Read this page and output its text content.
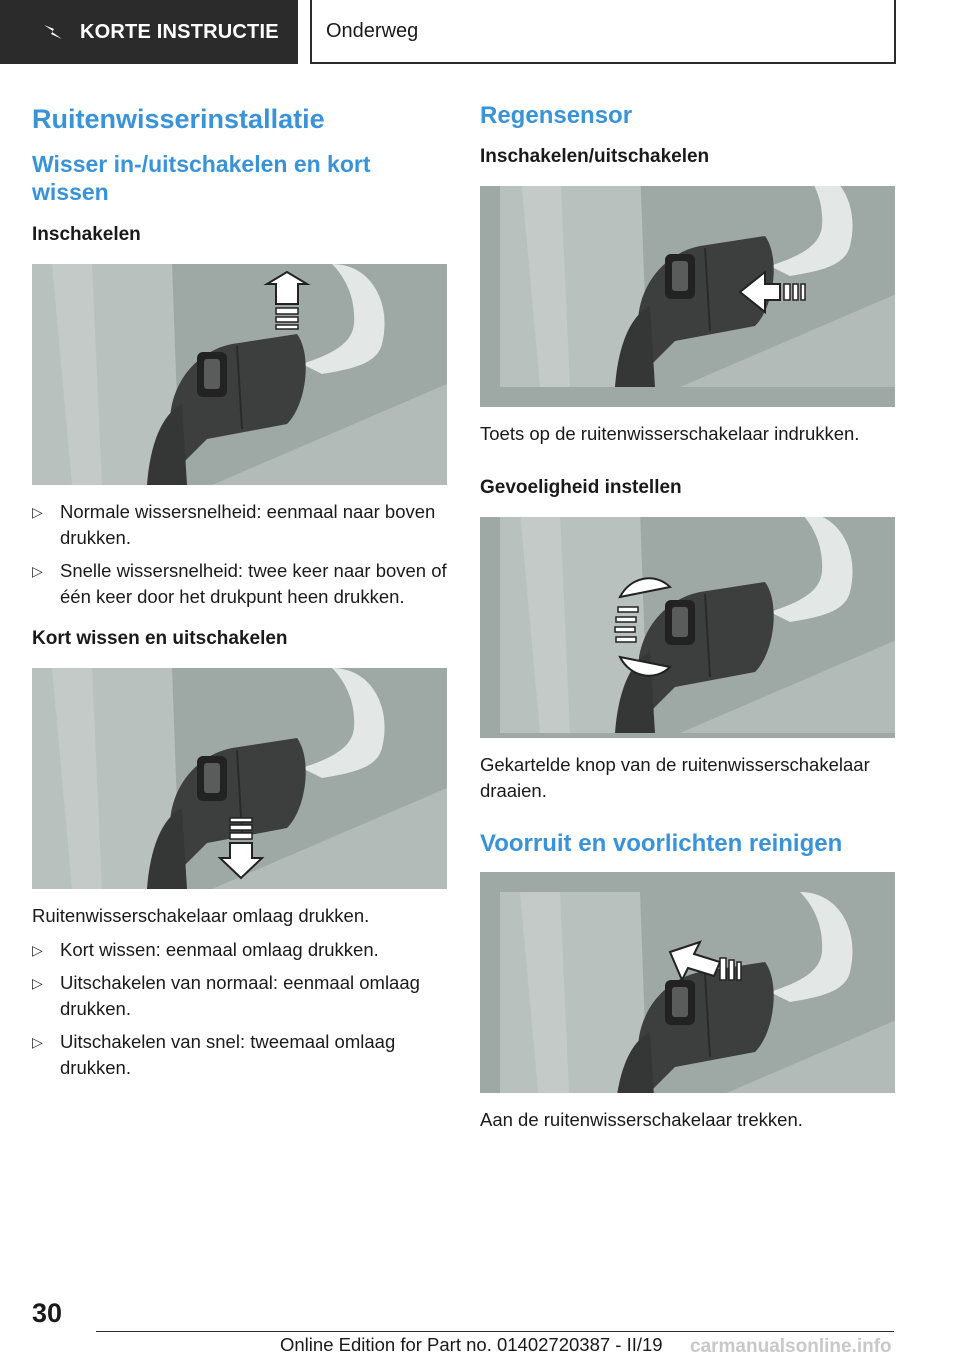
KORTE INSTRUCTIE Onderweg
Ruitenwisserinstallatie
Wisser in-/uitschakelen en kort wissen
Inschakelen
▷ Normale wissersnelheid: eenmaal naar boven drukken.
▷ Snelle wissersnelheid: twee keer naar boven of één keer door het drukpunt heen drukken.
Kort wissen en uitschakelen

Ruitenwisserschakelaar omlaag drukken.

▷ Kort wissen: eenmaal omlaag drukken.
▷ Uitschakelen van normaal: eenmaal omlaag drukken.
▷ Uitschakelen van snel: tweemaal omlaag drukken.
Regensensor
Inschakelen/uitschakelen

Toets op de ruitenwisserschakelaar indrukken.

Gevoeligheid instellen

Gekartelde knop van de ruitenwisserschakelaar draaien.

Voorruit en voorlichten reinigen

Aan de ruitenwisserschakelaar trekken.

30
Online Edition for Part no. 01402720387 - II/19 carmanualsonline.info
